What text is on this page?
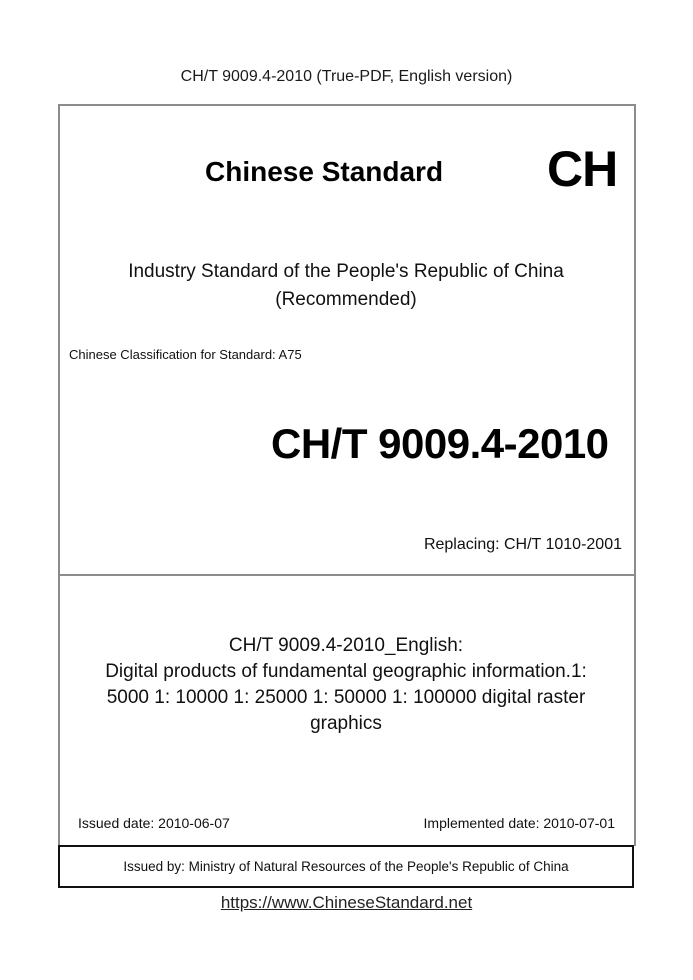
CH/T 9009.4-2010 (True-PDF, English version)
Chinese Standard CH
Industry Standard of the People's Republic of China
(Recommended)
Chinese Classification for Standard: A75
CH/T 9009.4-2010
Replacing: CH/T 1010-2001
CH/T 9009.4-2010_English:
Digital products of fundamental geographic information.1:
5000 1: 10000 1: 25000 1: 50000 1: 100000 digital raster
graphics
Issued date: 2010-06-07	Implemented date: 2010-07-01
Issued by: Ministry of Natural Resources of the People's Republic of China
https://www.ChineseStandard.net
